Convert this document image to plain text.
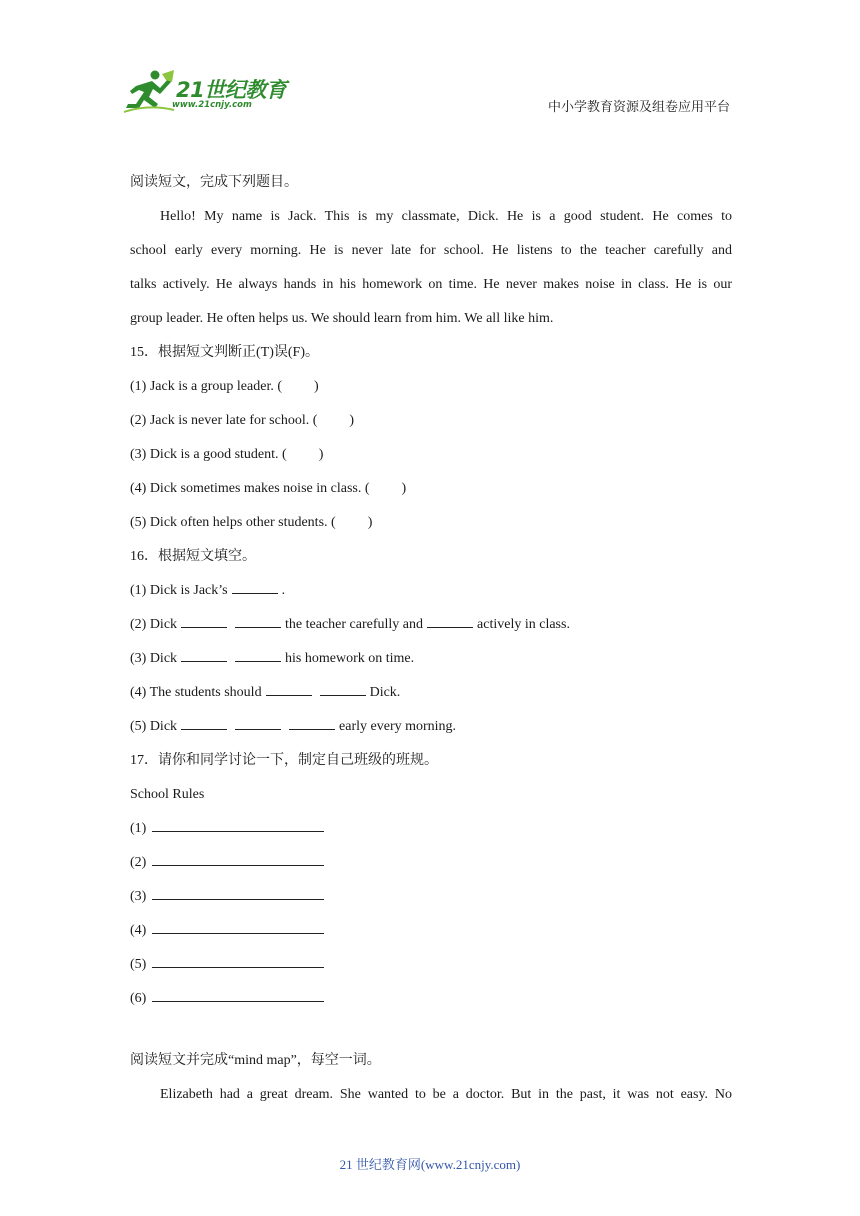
21世纪教育
www.21cnjy.com	中小学教育资源及组卷应用平台
阅读短文，完成下列题目。
Hello! My name is Jack. This is my classmate, Dick. He is a good student. He comes to
school early every morning. He is never late for school. He listens to the teacher carefully and
talks actively. He always hands in his homework on time. He never makes noise in class. He is our
group leader. He often helps us. We should learn from him. We all like him.
15．根据短文判断正(T)误(F)。
(1) Jack is a group leader. ( )
(2) Jack is never late for school. ( )
(3) Dick is a good student. ( )
(4) Dick sometimes makes noise in class. ( )
(5) Dick often helps other students. ( )
16．根据短文填空。
(1) Dick is Jack’s	.
(2) Dick	the teacher carefully and	actively in class.
(3) Dick	his homework on time.
(4) The students should	Dick.
(5) Dick	early every morning.
17．请你和同学讨论一下，制定自己班级的班规。
School Rules
(1)
(2)
(3)
(4)
(5)
(6)
阅读短文并完成“mind map”，每空一词。
Elizabeth had a great dream. She wanted to be a doctor. But in the past, it was not easy. No
21 世纪教育网(www.21cnjy.com)
